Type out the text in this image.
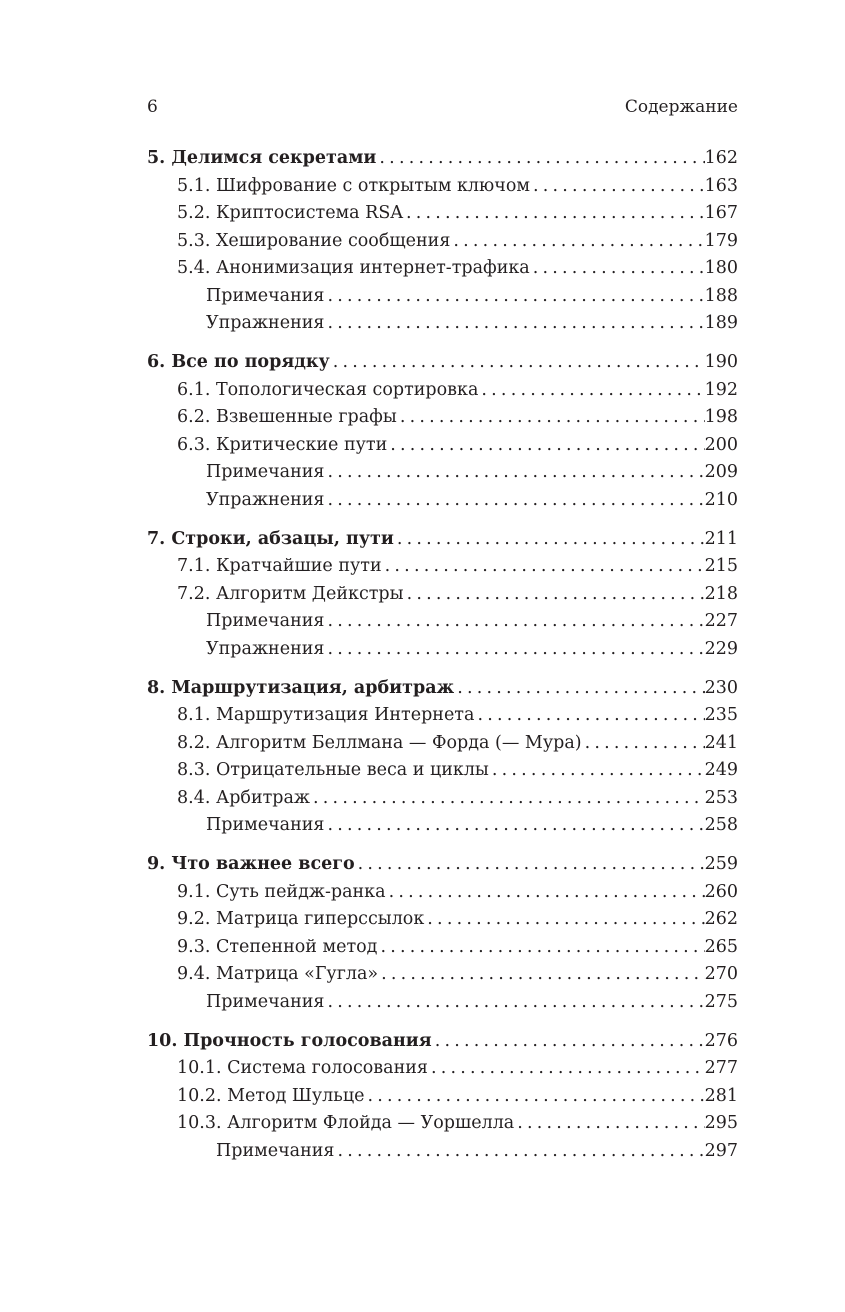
6	Содержание
5. Делимся секретами .....	162
5.1. Шифрование с открытым ключом .....	163
5.2. Криптосистема RSA .....	167
5.3. Хеширование сообщения .....	179
5.4. Анонимизация интернет-трафика .....	180
Примечания .....	188
Упражнения .....	189
6. Все по порядку .....	190
6.1. Топологическая сортировка .....	192
6.2. Взвешенные графы .....	198
6.3. Критические пути .....	200
Примечания .....	209
Упражнения .....	210
7. Строки, абзацы, пути .....	211
7.1. Кратчайшие пути .....	215
7.2. Алгоритм Дейкстры .....	218
Примечания .....	227
Упражнения .....	229
8. Маршрутизация, арбитраж .....	230
8.1. Маршрутизация Интернета .....	235
8.2. Алгоритм Беллмана — Форда (— Мура) .....	241
8.3. Отрицательные веса и циклы .....	249
8.4. Арбитраж .....	253
Примечания .....	258
9. Что важнее всего .....	259
9.1. Суть пейдж-ранка .....	260
9.2. Матрица гиперссылок .....	262
9.3. Степенной метод .....	265
9.4. Матрица «Гугла» .....	270
Примечания .....	275
10. Прочность голосования .....	276
10.1. Система голосования .....	277
10.2. Метод Шульце .....	281
10.3. Алгоритм Флойда — Уоршелла .....	295
Примечания .....	297
